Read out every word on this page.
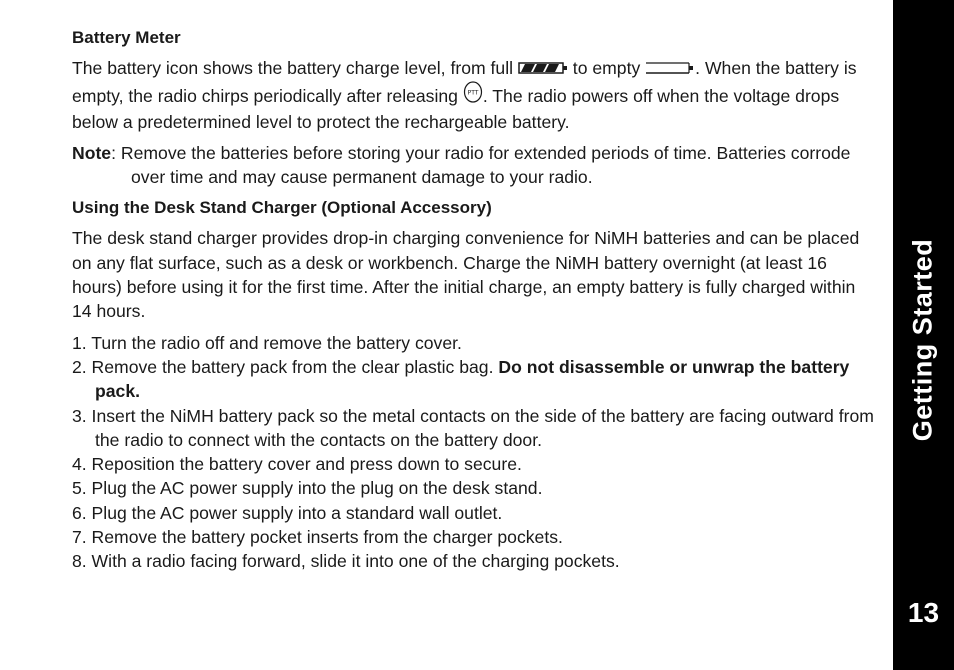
Battery Meter

The battery icon shows the battery charge level, from full	to empty	. When the battery is empty, the radio chirps periodically after releasing PTT . The radio powers off when the voltage drops below a predetermined level to protect the rechargeable battery.

Note: Remove the batteries before storing your radio for extended periods of time. Batteries corrode over time and may cause permanent damage to your radio.

Using the Desk Stand Charger (Optional Accessory)

The desk stand charger provides drop-in charging convenience for NiMH batteries and can be placed on any flat surface, such as a desk or workbench. Charge the NiMH battery overnight (at least 16 hours) before using it for the first time. After the initial charge, an empty battery is fully charged within 14 hours.

1. Turn the radio off and remove the battery cover.
2. Remove the battery pack from the clear plastic bag. Do not disassemble or unwrap the battery pack.
3. Insert the NiMH battery pack so the metal contacts on the side of the battery are facing outward from the radio to connect with the contacts on the battery door.
4. Reposition the battery cover and press down to secure.
5. Plug the AC power supply into the plug on the desk stand.
6. Plug the AC power supply into a standard wall outlet.
7. Remove the battery pocket inserts from the charger pockets.
8. With a radio facing forward, slide it into one of the charging pockets.
Getting Started
13
